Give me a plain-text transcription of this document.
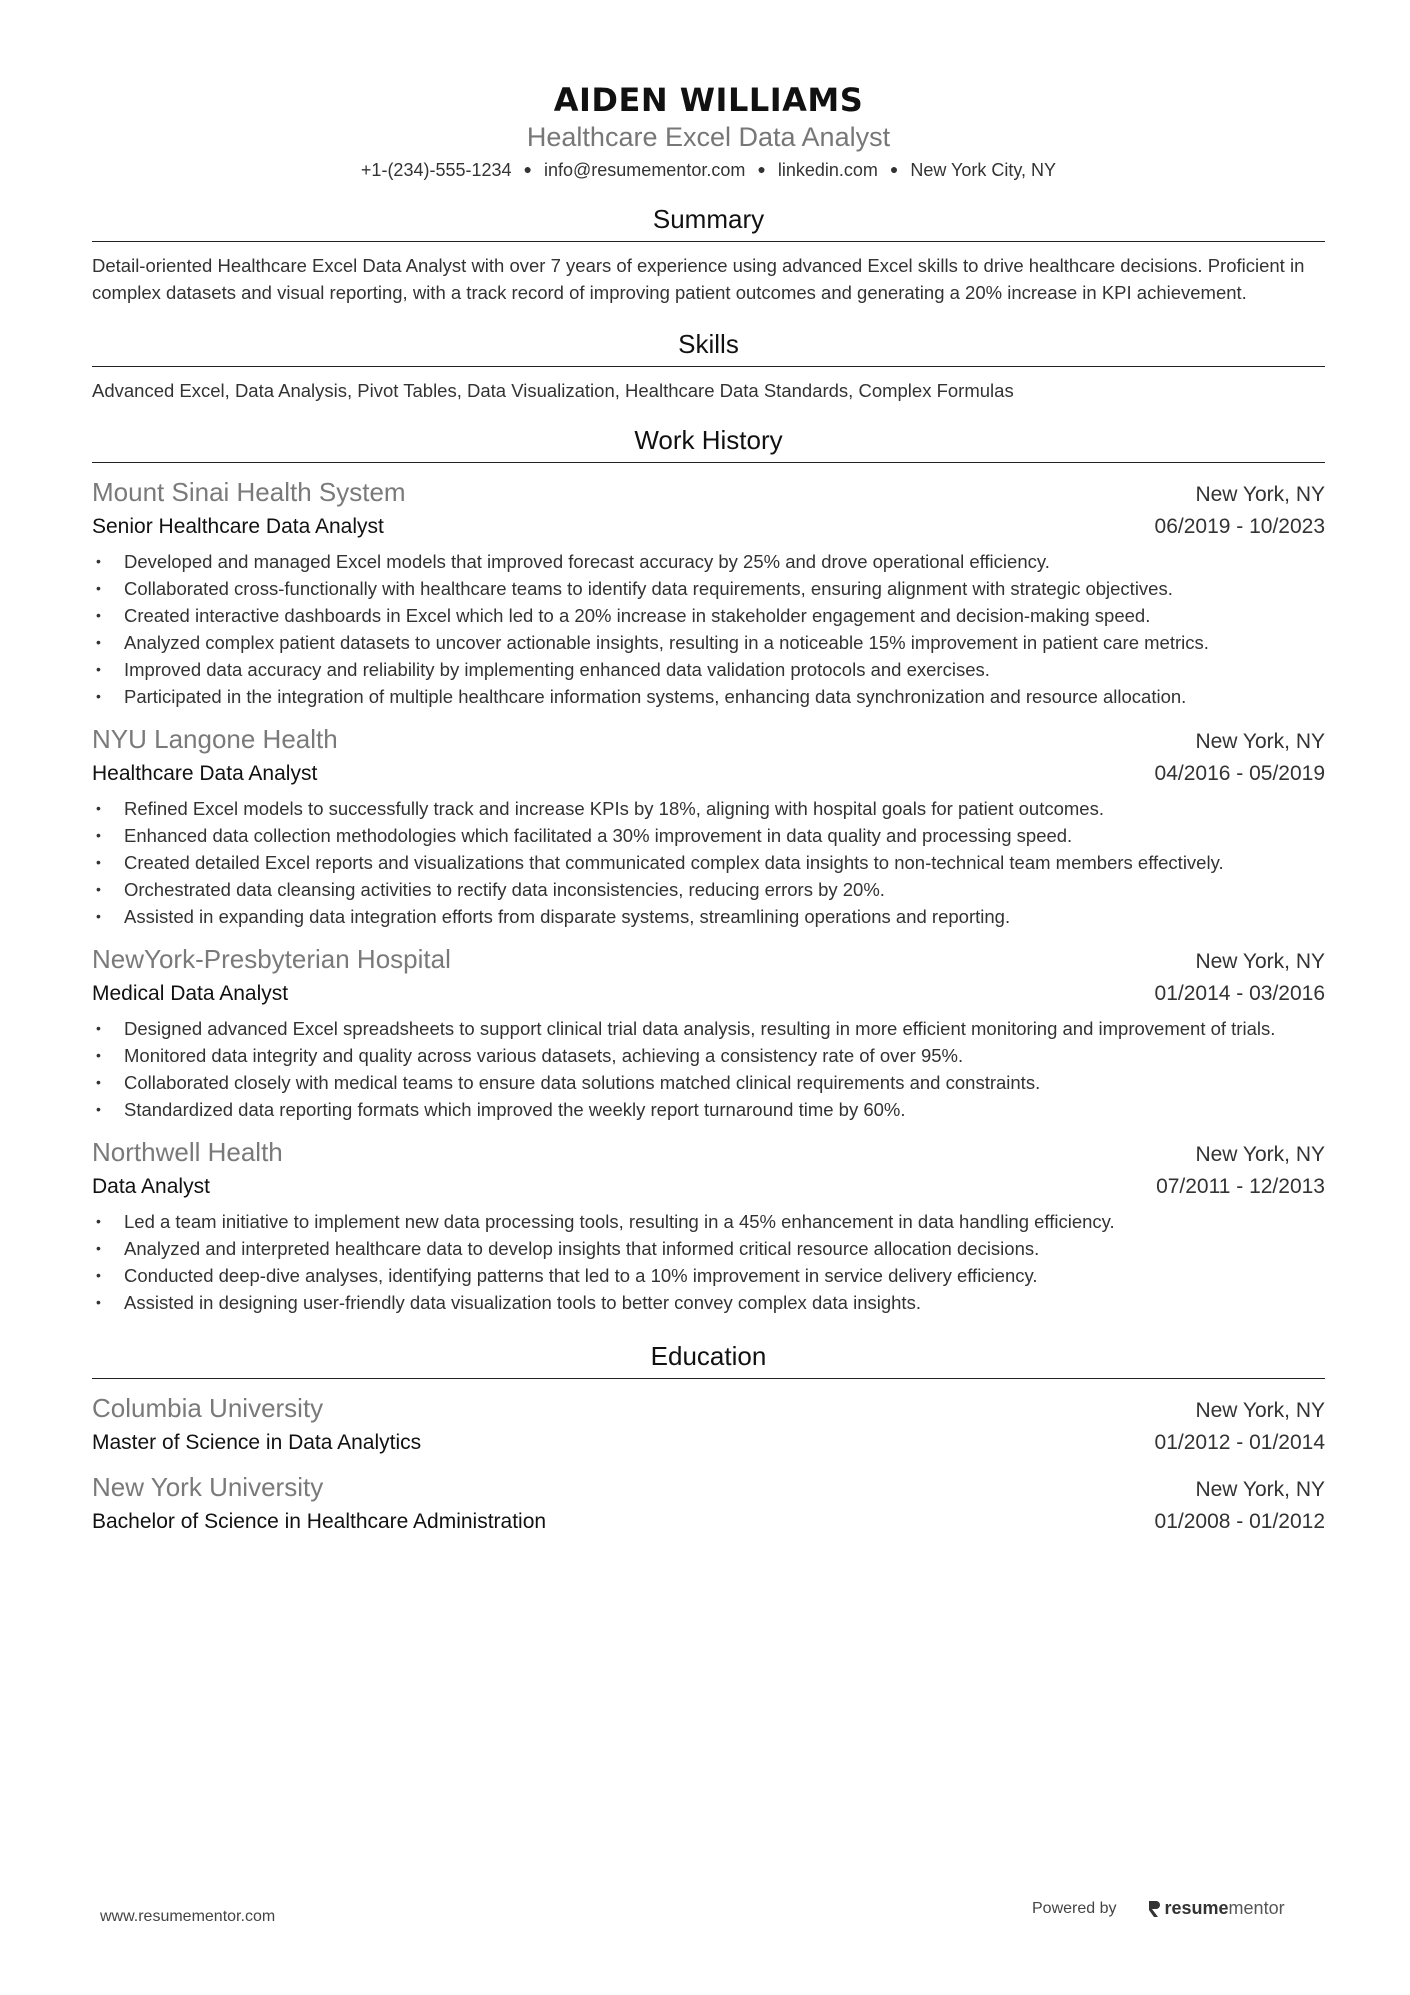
AIDEN WILLIAMS
Healthcare Excel Data Analyst
+1-(234)-555-1234 ● info@resumementor.com ● linkedin.com ● New York City, NY
Summary
Detail-oriented Healthcare Excel Data Analyst with over 7 years of experience using advanced Excel skills to drive healthcare decisions. Proficient in complex datasets and visual reporting, with a track record of improving patient outcomes and generating a 20% increase in KPI achievement.
Skills
Advanced Excel, Data Analysis, Pivot Tables, Data Visualization, Healthcare Data Standards, Complex Formulas
Work History
Mount Sinai Health System	New York, NY
Senior Healthcare Data Analyst	06/2019 - 10/2023
• Developed and managed Excel models that improved forecast accuracy by 25% and drove operational efficiency.
• Collaborated cross-functionally with healthcare teams to identify data requirements, ensuring alignment with strategic objectives.
• Created interactive dashboards in Excel which led to a 20% increase in stakeholder engagement and decision-making speed.
• Analyzed complex patient datasets to uncover actionable insights, resulting in a noticeable 15% improvement in patient care metrics.
• Improved data accuracy and reliability by implementing enhanced data validation protocols and exercises.
• Participated in the integration of multiple healthcare information systems, enhancing data synchronization and resource allocation.
NYU Langone Health	New York, NY
Healthcare Data Analyst	04/2016 - 05/2019
• Refined Excel models to successfully track and increase KPIs by 18%, aligning with hospital goals for patient outcomes.
• Enhanced data collection methodologies which facilitated a 30% improvement in data quality and processing speed.
• Created detailed Excel reports and visualizations that communicated complex data insights to non-technical team members effectively.
• Orchestrated data cleansing activities to rectify data inconsistencies, reducing errors by 20%.
• Assisted in expanding data integration efforts from disparate systems, streamlining operations and reporting.
NewYork-Presbyterian Hospital	New York, NY
Medical Data Analyst	01/2014 - 03/2016
• Designed advanced Excel spreadsheets to support clinical trial data analysis, resulting in more efficient monitoring and improvement of trials.
• Monitored data integrity and quality across various datasets, achieving a consistency rate of over 95%.
• Collaborated closely with medical teams to ensure data solutions matched clinical requirements and constraints.
• Standardized data reporting formats which improved the weekly report turnaround time by 60%.
Northwell Health	New York, NY
Data Analyst	07/2011 - 12/2013
• Led a team initiative to implement new data processing tools, resulting in a 45% enhancement in data handling efficiency.
• Analyzed and interpreted healthcare data to develop insights that informed critical resource allocation decisions.
• Conducted deep-dive analyses, identifying patterns that led to a 10% improvement in service delivery efficiency.
• Assisted in designing user-friendly data visualization tools to better convey complex data insights.
Education
Columbia University	New York, NY
Master of Science in Data Analytics	01/2012 - 01/2014
New York University	New York, NY
Bachelor of Science in Healthcare Administration	01/2008 - 01/2012
www.resumementor.com	Powered by	resume mentor
